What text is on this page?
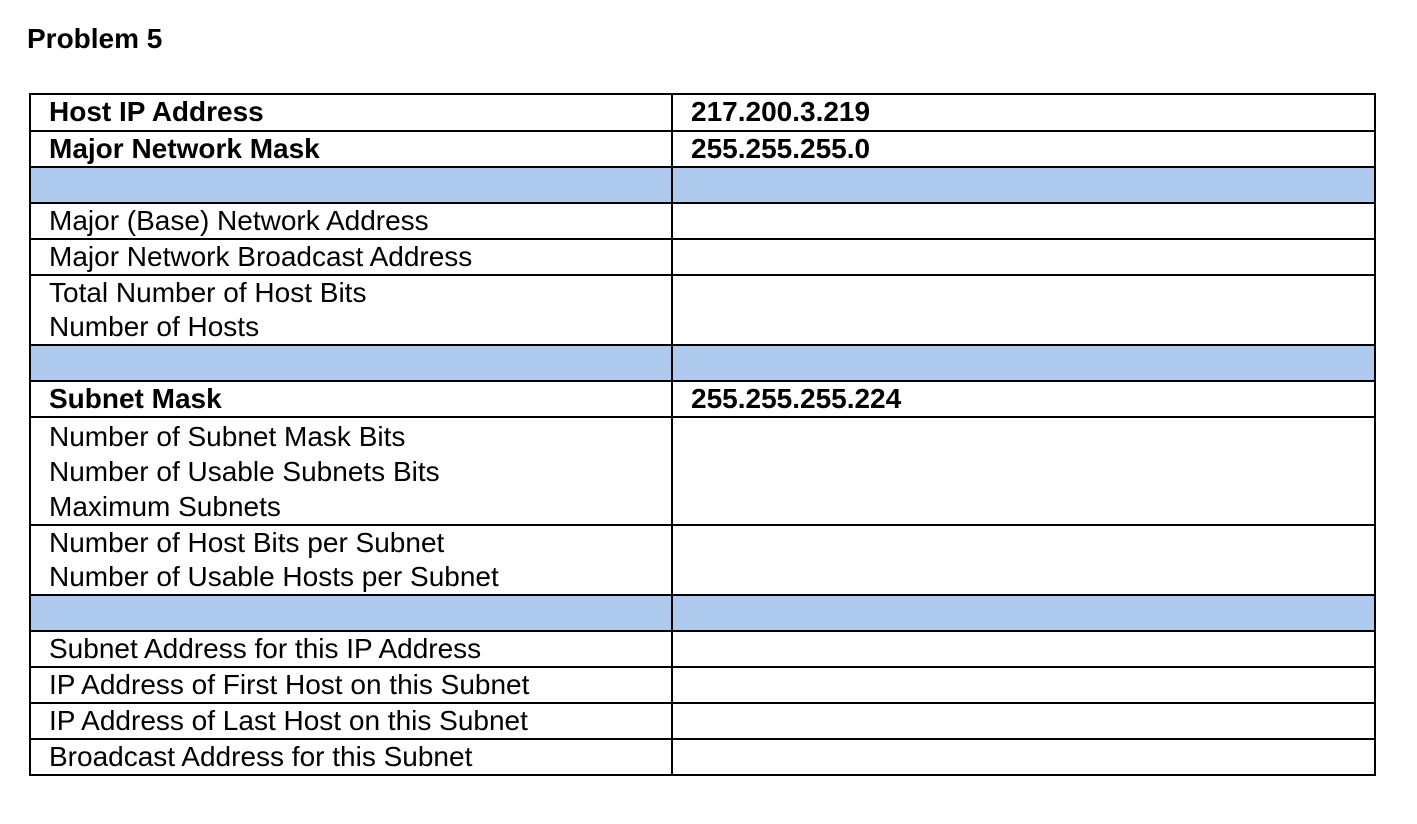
Problem 5
Host IP Address	217.200.3.219

Major Network Mask	255.255.255.0

Major (Base) Network Address	

Major Network Broadcast Address	

Total Number of Host Bits
Number of Hosts	

Subnet Mask	255.255.255.224

Number of Subnet Mask Bits
Number of Usable Subnets Bits
Maximum Subnets	

Number of Host Bits per Subnet
Number of Usable Hosts per Subnet	

Subnet Address for this IP Address	

IP Address of First Host on this Subnet	

IP Address of Last Host on this Subnet	

Broadcast Address for this Subnet	
